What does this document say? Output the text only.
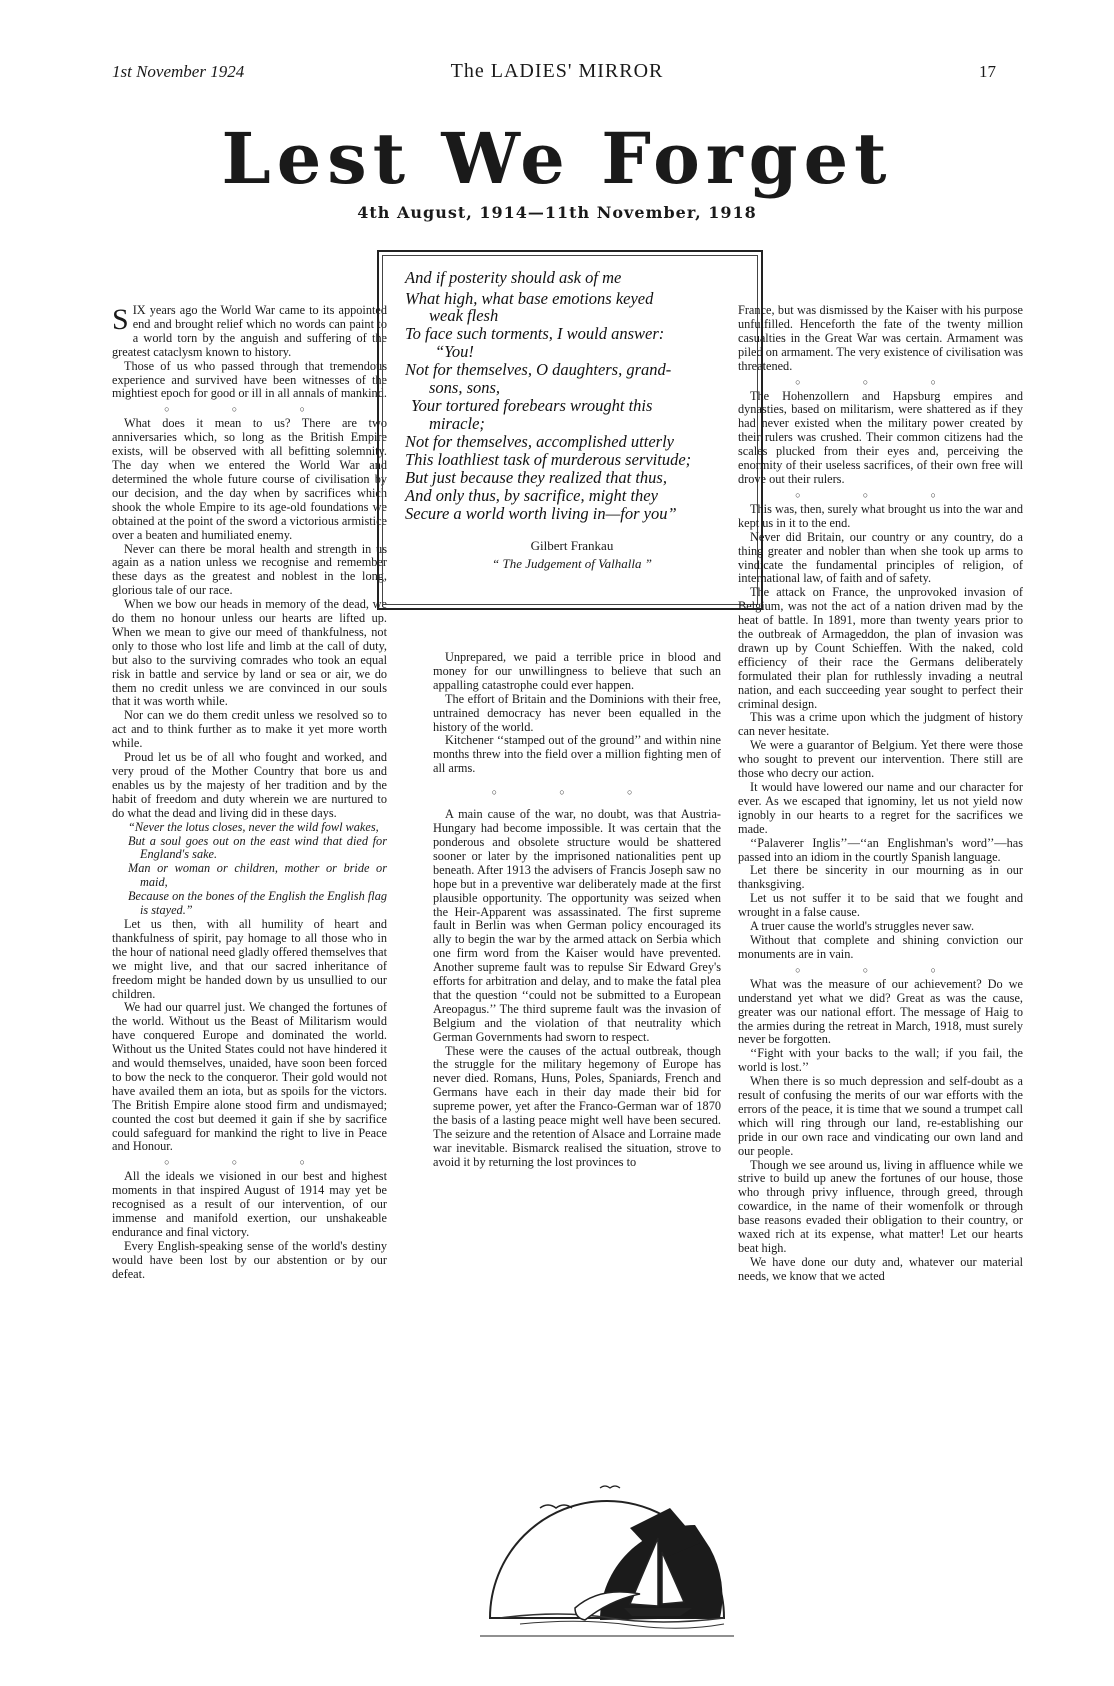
1st November 1924	The LADIES' MIRROR	17
Lest We Forget
4th August, 1914—11th November, 1918

SIX years ago the World War came to its appointed end and brought relief which no words can paint to a world torn by the anguish and suffering of the greatest cataclysm known to history.

Those of us who passed through that tremendous experience and survived have been witnesses of the mightiest epoch for good or ill in all annals of mankind.

○ ○ ○

What does it mean to us? There are two anniversaries which, so long as the British Empire exists, will be observed with all befitting solemnity. The day when we entered the World War and determined the whole future course of civilisation by our decision, and the day when by sacrifices which shook the whole Empire to its age-old foundations we obtained at the point of the sword a victorious armistice over a beaten and humiliated enemy.

Never can there be moral health and strength in us again as a nation unless we recognise and remember these days as the greatest and noblest in the long, glorious tale of our race.

When we bow our heads in memory of the dead, we do them no honour unless our hearts are lifted up. When we mean to give our meed of thankfulness, not only to those who lost life and limb at the call of duty, but also to the surviving comrades who took an equal risk in battle and service by land or sea or air, we do them no credit unless we are convinced in our souls that it was worth while.

Nor can we do them credit unless we resolved so to act and to think further as to make it yet more worth while.

Proud let us be of all who fought and worked, and very proud of the Mother Country that bore us and enables us by the majesty of her tradition and by the habit of freedom and duty wherein we are nurtured to do what the dead and living did in these days.

“Never the lotus closes, never the wild fowl wakes,
But a soul goes out on the east wind that died for England's sake.
Man or woman or children, mother or bride or maid,
Because on the bones of the English the English flag is stayed.”

Let us then, with all humility of heart and thankfulness of spirit, pay homage to all those who in the hour of national need gladly offered themselves that we might live, and that our sacred inheritance of freedom might be handed down by us unsullied to our children.

We had our quarrel just. We changed the fortunes of the world. Without us the Beast of Militarism would have conquered Europe and dominated the world. Without us the United States could not have hindered it and would themselves, unaided, have soon been forced to bow the neck to the conqueror. Their gold would not have availed them an iota, but as spoils for the victors. The British Empire alone stood firm and undismayed; counted the cost but deemed it gain if she by sacrifice could safeguard for mankind the right to live in Peace and Honour.

○ ○ ○

All the ideals we visioned in our best and highest moments in that inspired August of 1914 may yet be recognised as a result of our intervention, of our immense and manifold exertion, our unshakeable endurance and final victory.

Every English-speaking sense of the world's destiny would have been lost by our abstention or by our defeat.

And if posterity should ask of me
What high, what base emotions keyed
weak flesh
To face such torments, I would answer:
“You!
Not for themselves, O daughters, grand-
sons, sons,
Your tortured forebears wrought this
miracle;
Not for themselves, accomplished utterly
This loathliest task of murderous servitude;
But just because they realized that thus,
And only thus, by sacrifice, might they
Secure a world worth living in—for you”
Gilbert Frankau
“ The Judgement of Valhalla ”

Unprepared, we paid a terrible price in blood and money for our unwillingness to believe that such an appalling catastrophe could ever happen.

The effort of Britain and the Dominions with their free, untrained democracy has never been equalled in the history of the world.

Kitchener ‘‘stamped out of the ground’’ and within nine months threw into the field over a million fighting men of all arms.

○ ○ ○

A main cause of the war, no doubt, was that Austria-Hungary had become impossible. It was certain that the ponderous and obsolete structure would be shattered sooner or later by the imprisoned nationalities pent up beneath. After 1913 the advisers of Francis Joseph saw no hope but in a preventive war deliberately made at the first plausible opportunity. The opportunity was seized when the Heir-Apparent was assassinated. The first supreme fault in Berlin was when German policy encouraged its ally to begin the war by the armed attack on Serbia which one firm word from the Kaiser would have prevented. Another supreme fault was to repulse Sir Edward Grey's efforts for arbitration and delay, and to make the fatal plea that the question ‘‘could not be submitted to a European Areopagus.’’ The third supreme fault was the invasion of Belgium and the violation of that neutrality which German Governments had sworn to respect.

These were the causes of the actual outbreak, though the struggle for the military hegemony of Europe has never died. Romans, Huns, Poles, Spaniards, French and Germans have each in their day made their bid for supreme power, yet after the Franco-German war of 1870 the basis of a lasting peace might well have been secured. The seizure and the retention of Alsace and Lorraine made war inevitable. Bismarck realised the situation, strove to avoid it by returning the lost provinces to

France, but was dismissed by the Kaiser with his purpose unfulfilled. Henceforth the fate of the twenty million casualties in the Great War was certain. Armament was piled on armament. The very existence of civilisation was threatened.

○ ○ ○

The Hohenzollern and Hapsburg empires and dynasties, based on militarism, were shattered as if they had never existed when the military power created by their rulers was crushed. Their common citizens had the scales plucked from their eyes and, perceiving the enormity of their useless sacrifices, of their own free will drove out their rulers.

○ ○ ○

This was, then, surely what brought us into the war and kept us in it to the end.

Never did Britain, our country or any country, do a thing greater and nobler than when she took up arms to vindicate the fundamental principles of religion, of international law, of faith and of safety.

The attack on France, the unprovoked invasion of Belgium, was not the act of a nation driven mad by the heat of battle. In 1891, more than twenty years prior to the outbreak of Armageddon, the plan of invasion was drawn up by Count Schieffen. With the naked, cold efficiency of their race the Germans deliberately formulated their plan for ruthlessly invading a neutral nation, and each succeeding year sought to perfect their criminal design.

This was a crime upon which the judgment of history can never hesitate.

We were a guarantor of Belgium. Yet there were those who sought to prevent our intervention. There still are those who decry our action.

It would have lowered our name and our character for ever. As we escaped that ignominy, let us not yield now ignobly in our hearts to a regret for the sacrifices we made.

‘‘Palaverer Inglis’’—‘‘an Englishman's word’’—has passed into an idiom in the courtly Spanish language.

Let there be sincerity in our mourning as in our thanksgiving.

Let us not suffer it to be said that we fought and wrought in a false cause.

A truer cause the world's struggles never saw.

Without that complete and shining conviction our monuments are in vain.

○ ○ ○

What was the measure of our achievement? Do we understand yet what we did? Great as was the cause, greater was our national effort. The message of Haig to the armies during the retreat in March, 1918, must surely never be forgotten.

‘‘Fight with your backs to the wall; if you fail, the world is lost.’’

When there is so much depression and self-doubt as a result of confusing the merits of our war efforts with the errors of the peace, it is time that we sound a trumpet call which will ring through our land, re-establishing our pride in our own race and vindicating our own land and our people.

Though we see around us, living in affluence while we strive to build up anew the fortunes of our house, those who through privy influence, through greed, through cowardice, in the name of their womenfolk or through base reasons evaded their obligation to their country, or waxed rich at its expense, what matter! Let our hearts beat high.

We have done our duty and, whatever our material needs, we know that we acted
